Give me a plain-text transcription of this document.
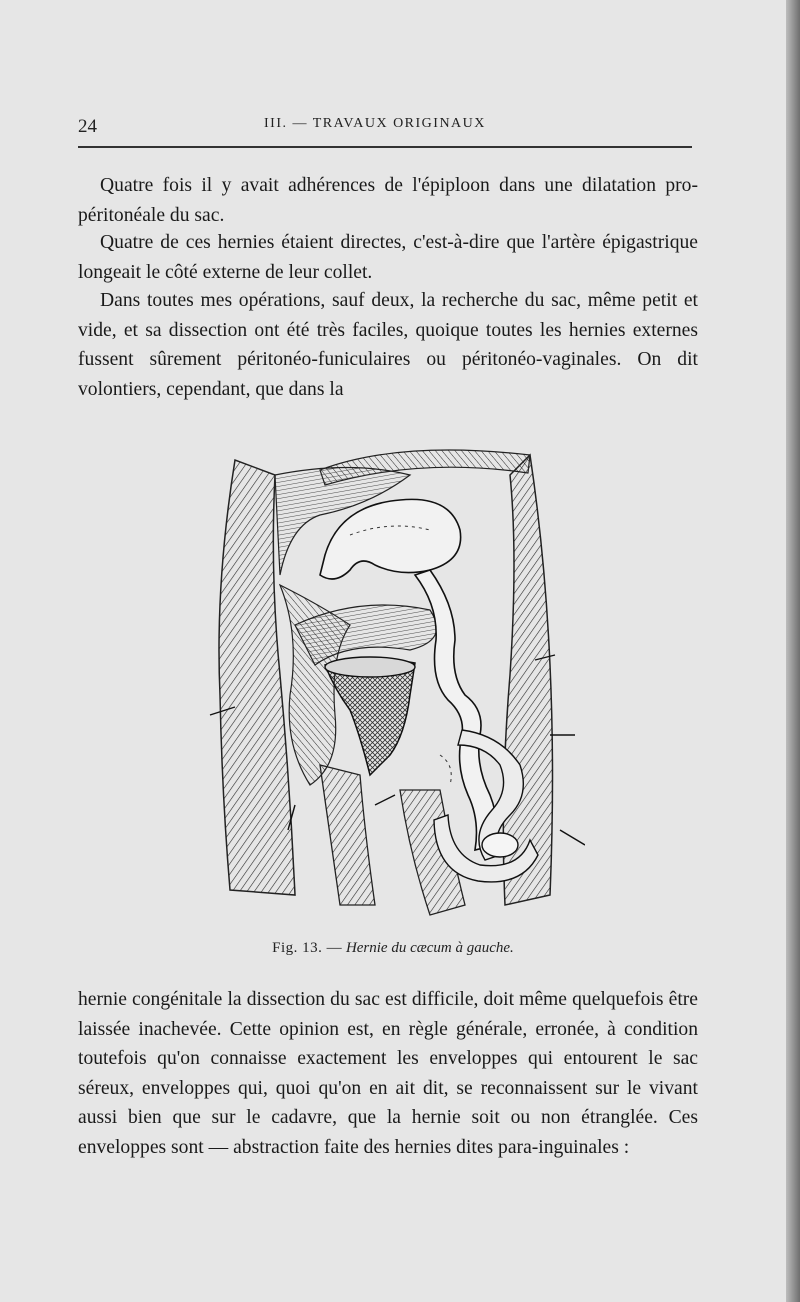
24	III. — TRAVAUX ORIGINAUX

Quatre fois il y avait adhérences de l'épiploon dans une dilatation pro-péritonéale du sac.

Quatre de ces hernies étaient directes, c'est-à-dire que l'artère épigastrique longeait le côté externe de leur collet.

Dans toutes mes opérations, sauf deux, la recherche du sac, même petit et vide, et sa dissection ont été très faciles, quoique toutes les hernies externes fussent sûrement péritonéo-funiculaires ou péritonéo-vaginales. On dit volontiers, cependant, que dans la

Fig. 13. — Hernie du cæcum à gauche.

hernie congénitale la dissection du sac est difficile, doit même quelquefois être laissée inachevée. Cette opinion est, en règle générale, erronée, à condition toutefois qu'on connaisse exactement les enveloppes qui entourent le sac séreux, enveloppes qui, quoi qu'on en ait dit, se reconnaissent sur le vivant aussi bien que sur le cadavre, que la hernie soit ou non étranglée. Ces enveloppes sont — abstraction faite des hernies dites para-inguinales :
